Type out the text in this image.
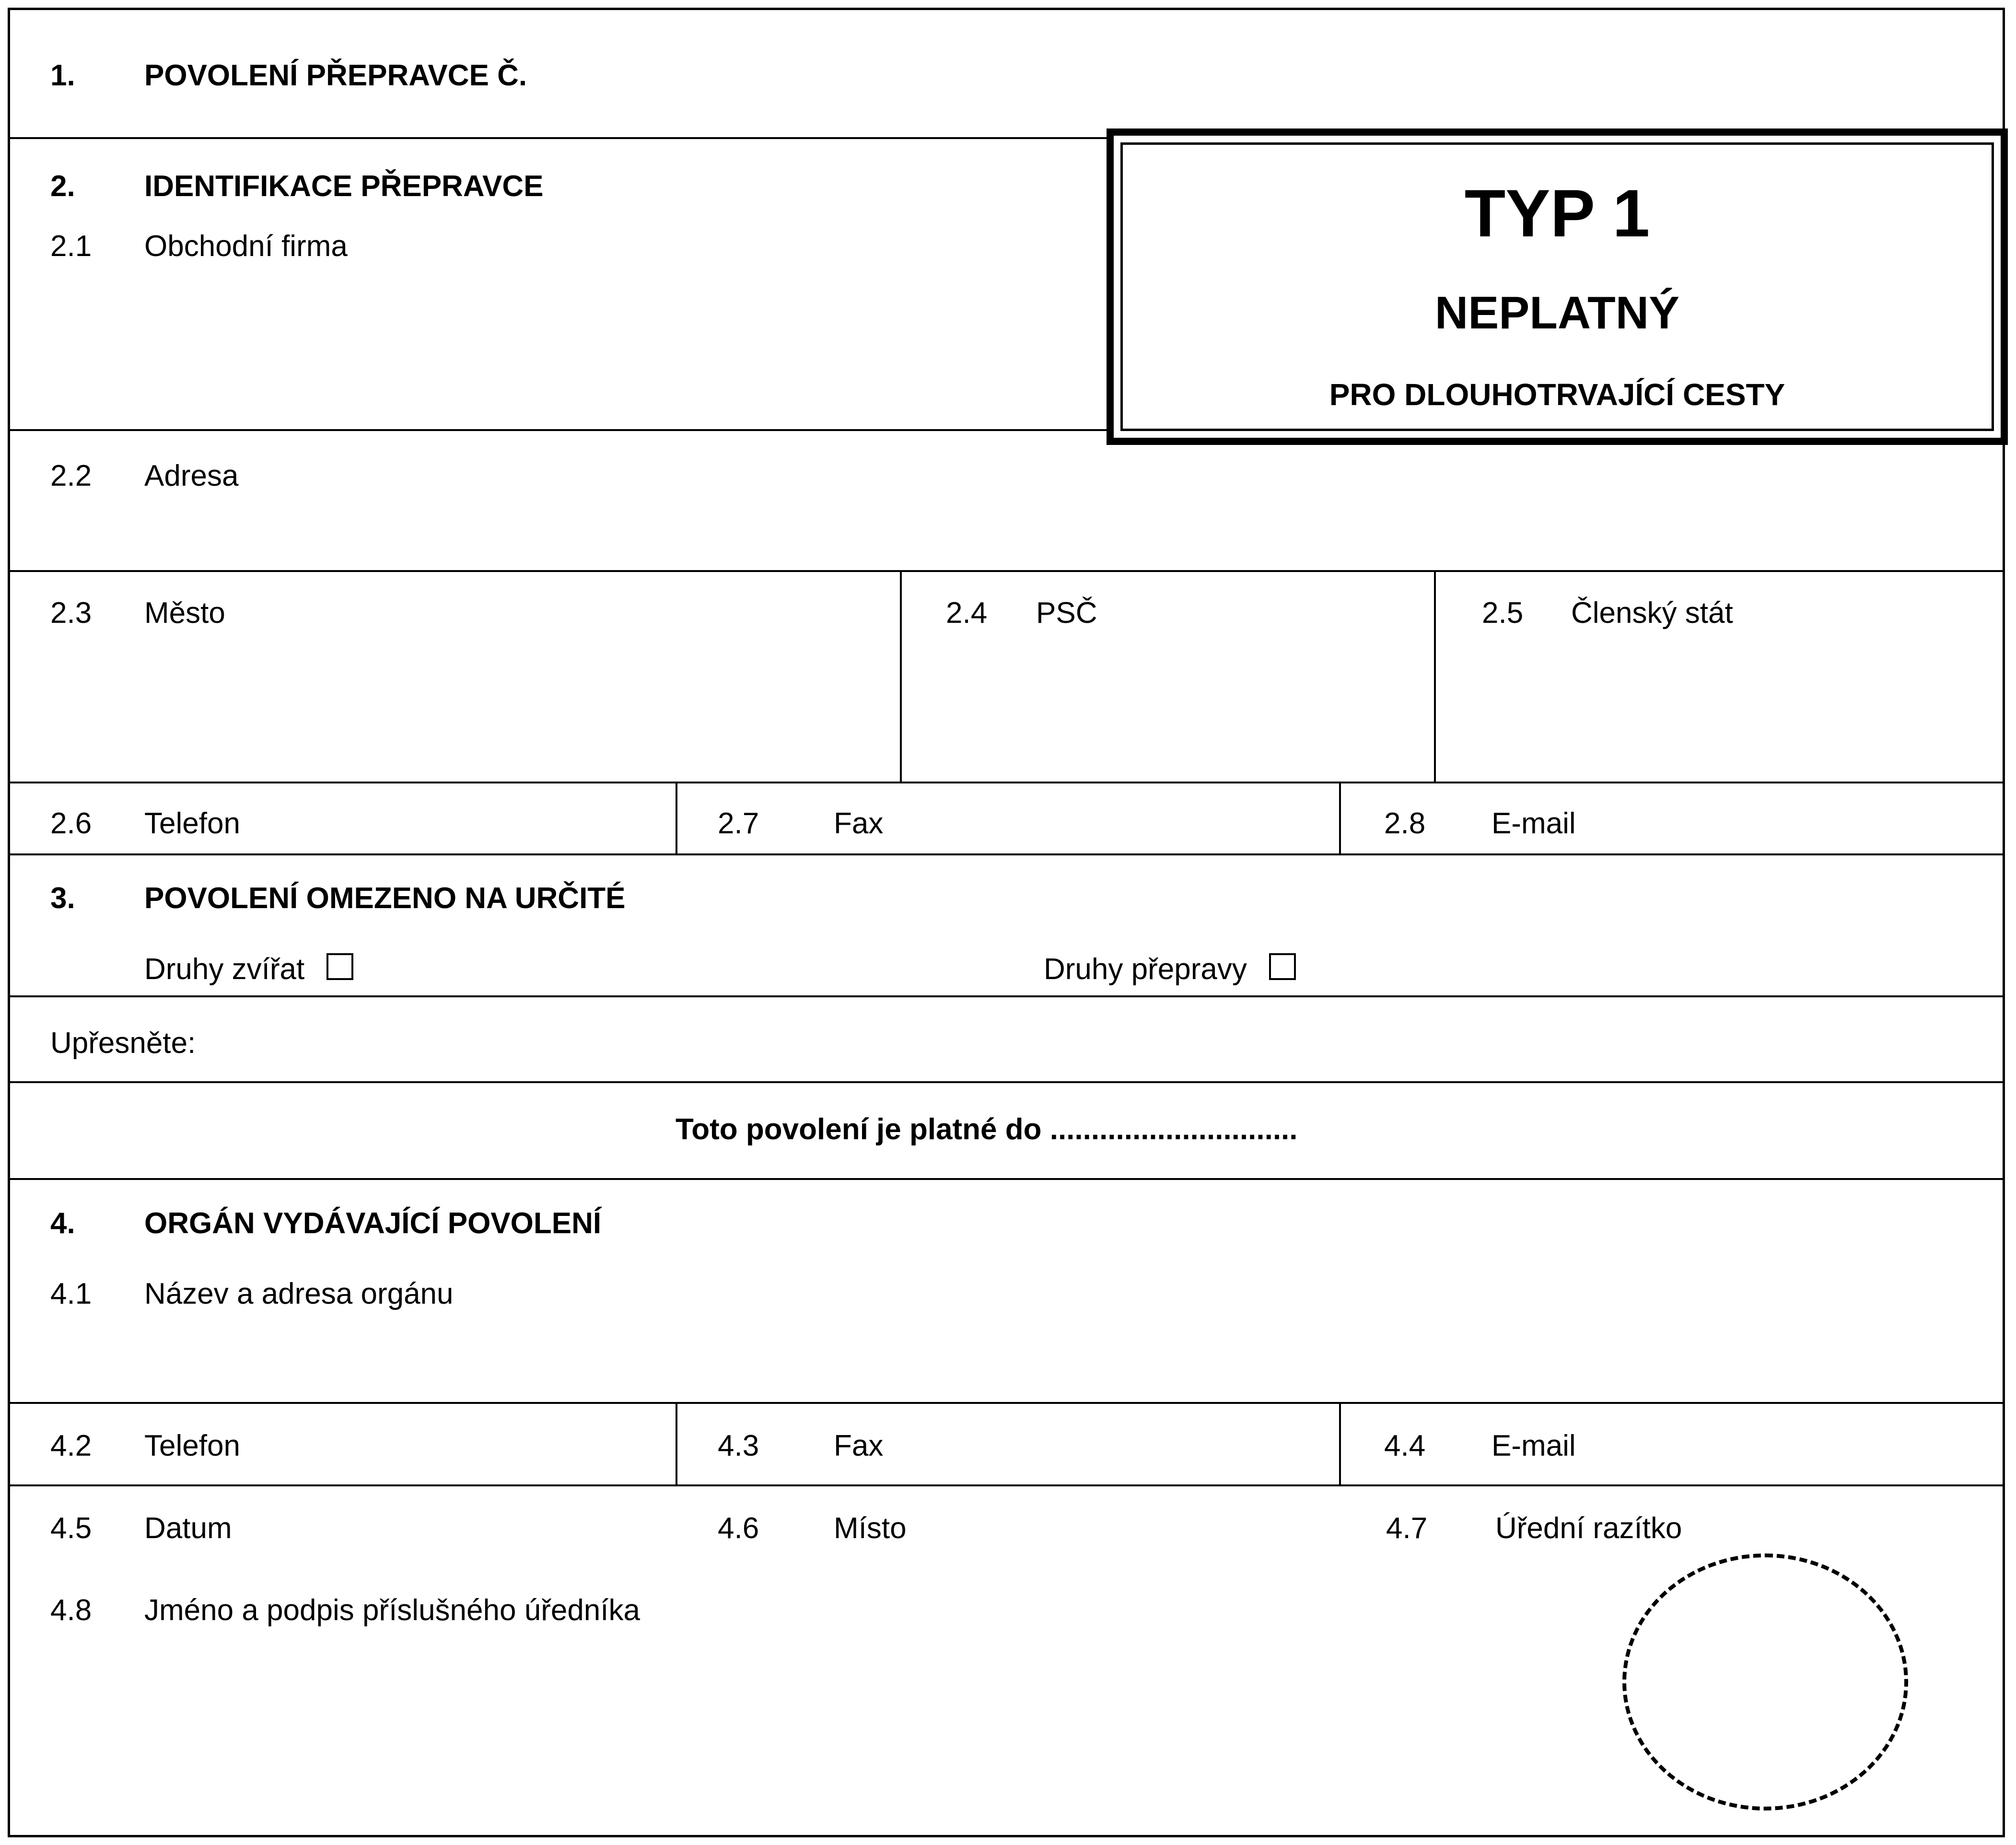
1. POVOLENÍ PŘEPRAVCE Č.
2. IDENTIFIKACE PŘEPRAVCE
2.1 Obchodní firma
2.2 Adresa
2.3 Město	2.4 PSČ	2.5 Členský stát
2.6 Telefon	2.7	Fax	2.8 E-mail
3. POVOLENÍ OMEZENO NA URČITÉ
Druhy zvířat	Druhy přepravy
Upřesněte:
Toto povolení je platné do ..............................
4. ORGÁN VYDÁVAJÍCÍ POVOLENÍ
4.1 Název a adresa orgánu
4.2 Telefon	4.3	Fax	4.4 E-mail
4.5 Datum	4.6	Místo	4.7 Úřední razítko
4.8 Jméno a podpis příslušného úředníka
TYP 1
NEPLATNÝ
PRO DLOUHOTRVAJÍCÍ CESTY
